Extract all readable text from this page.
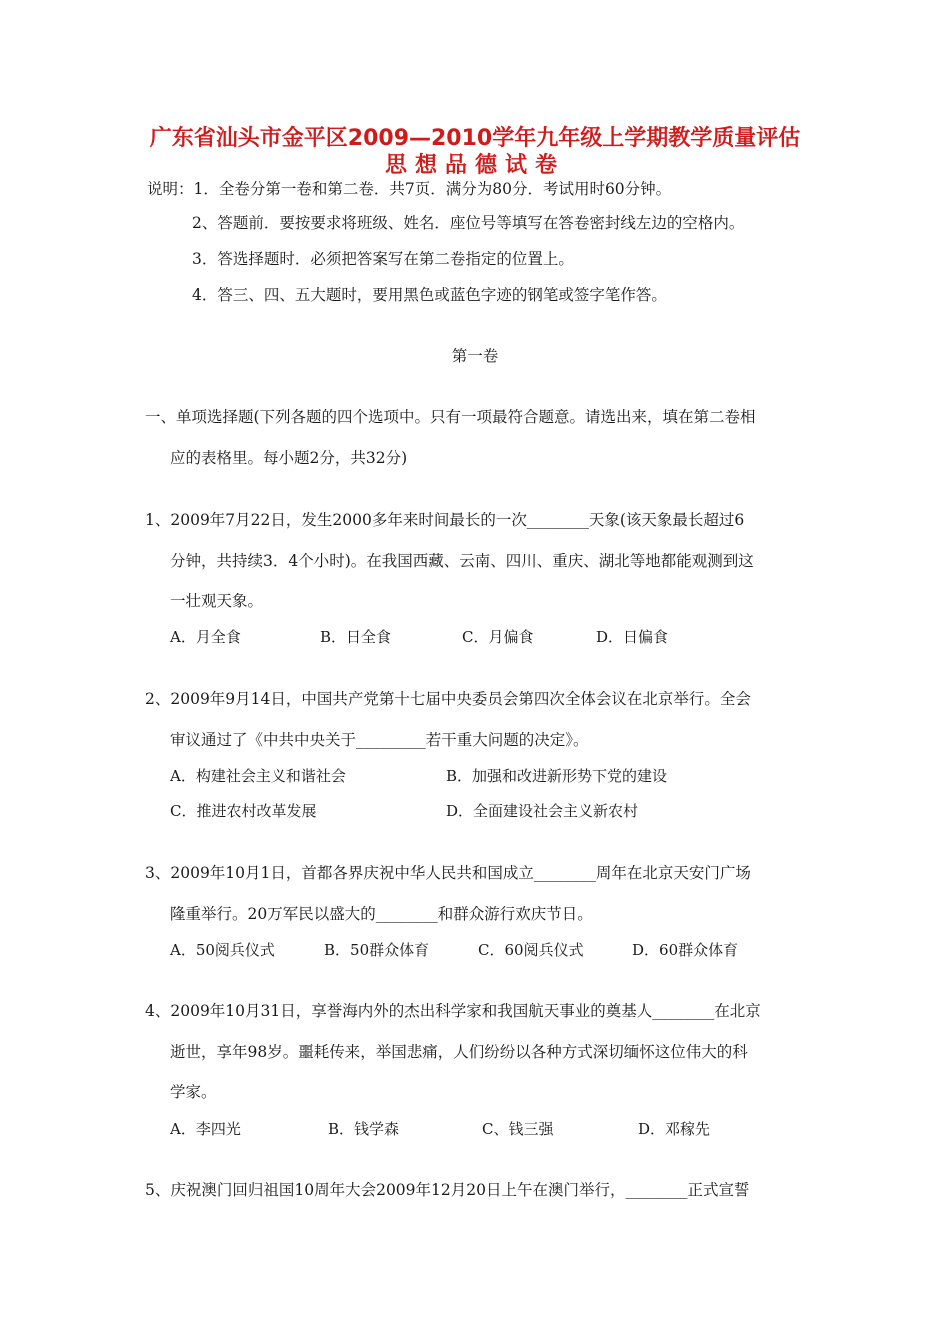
广东省汕头市金平区2009—2010学年九年级上学期教学质量评估
思想品德试卷
说明：1．全卷分第一卷和第二卷．共7页．满分为80分．考试用时60分钟。
2、答题前．要按要求将班级、姓名．座位号等填写在答卷密封线左边的空格内。
3．答选择题时．必须把答案写在第二卷指定的位置上。
4．答三、四、五大题时，要用黑色或蓝色字迹的钢笔或签字笔作答。
第一卷
一、单项选择题(下列各题的四个选项中。只有一项最符合题意。请选出来，填在第二卷相
应的表格里。每小题2分，共32分)
1、2009年7月22日，发生2000多年来时间最长的一次________天象(该天象最长超过6
分钟，共持续3．4个小时)。在我国西藏、云南、四川、重庆、湖北等地都能观测到这
一壮观天象。
A．月全食	B．日全食	C．月偏食	D．日偏食
2、2009年9月14日，中国共产党第十七届中央委员会第四次全体会议在北京举行。全会
审议通过了《中共中央关于_________若干重大问题的决定》。
A．构建社会主义和谐社会	B．加强和改进新形势下党的建设
C．推进农村改革发展	D．全面建设社会主义新农村
3、2009年10月1日，首都各界庆祝中华人民共和国成立________周年在北京天安门广场
隆重举行。20万军民以盛大的________和群众游行欢庆节日。
A．50阅兵仪式	B．50群众体育	C．60阅兵仪式	D．60群众体育
4、2009年10月31日，享誉海内外的杰出科学家和我国航天事业的奠基人________在北京
逝世，享年98岁。噩耗传来，举国悲痛，人们纷纷以各种方式深切缅怀这位伟大的科
学家。
A．李四光	B．钱学森	C、钱三强	D．邓稼先
5、庆祝澳门回归祖国10周年大会2009年12月20日上午在澳门举行，________正式宣誓
